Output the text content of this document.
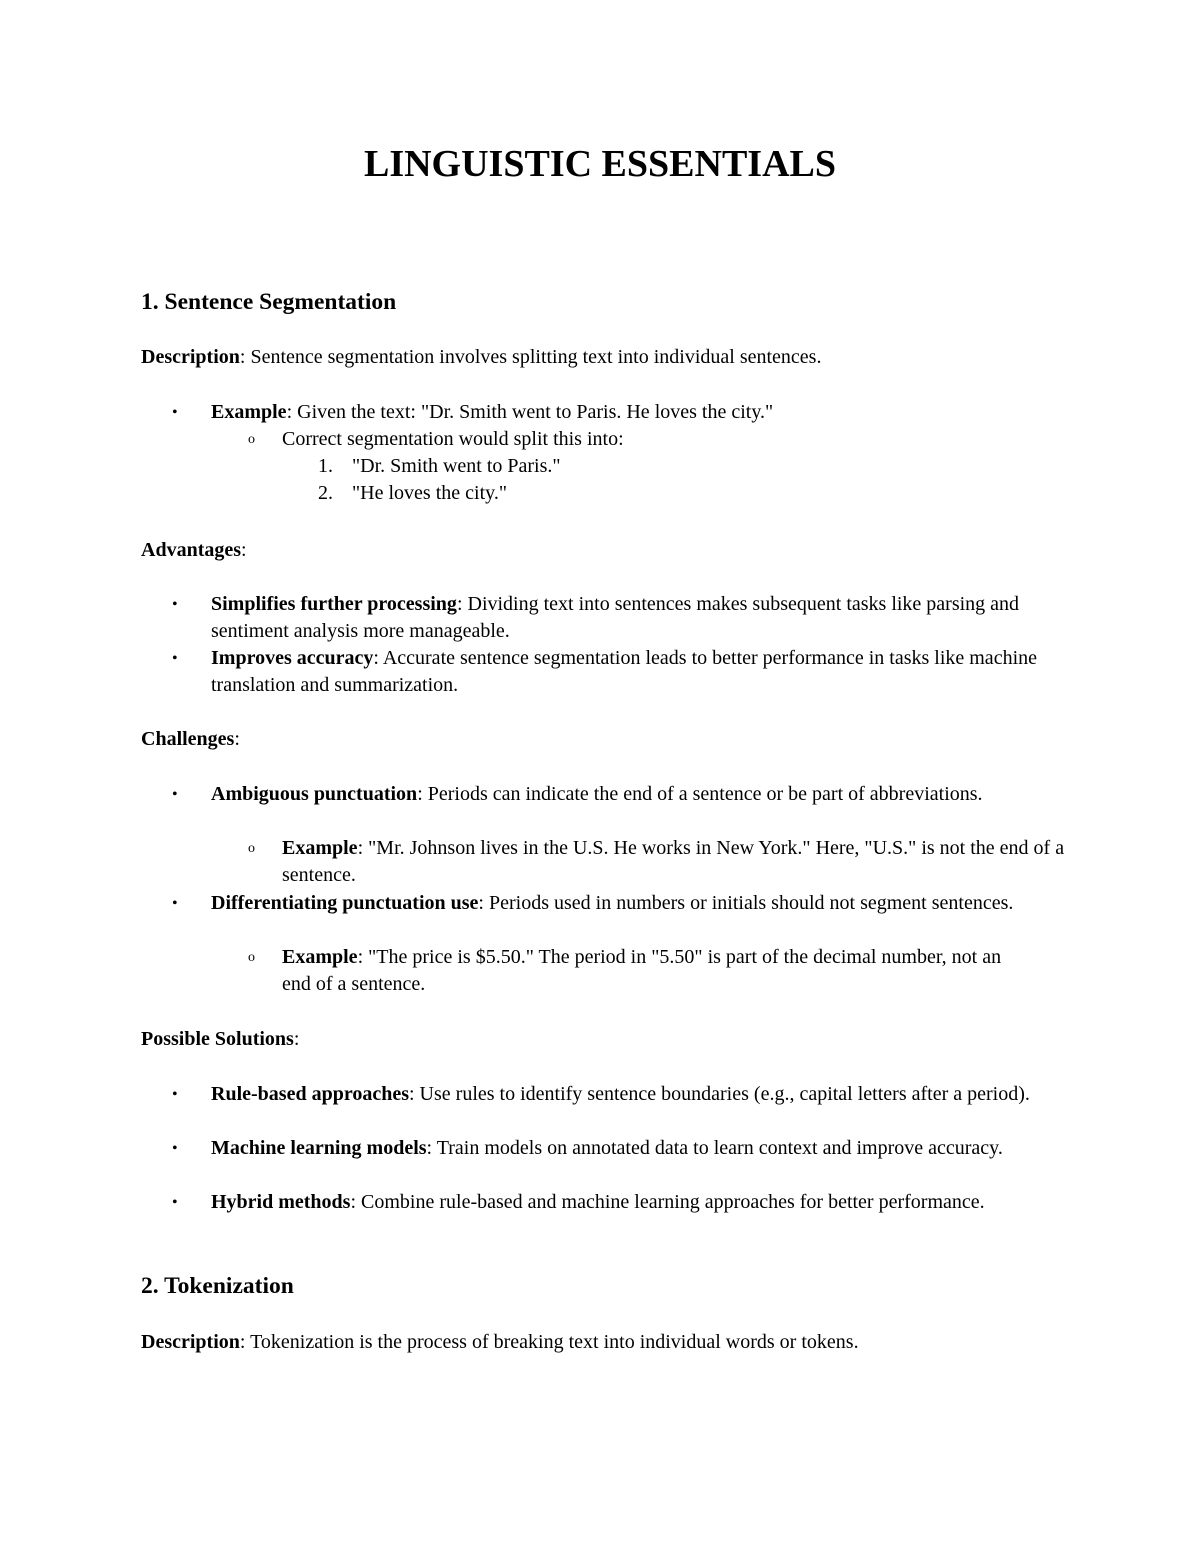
LINGUISTIC ESSENTIALS
1. Sentence Segmentation

Description: Sentence segmentation involves splitting text into individual sentences.

• Example: Given the text: "Dr. Smith went to Paris. He loves the city."

o Correct segmentation would split this into:

1. "Dr. Smith went to Paris."

2. "He loves the city."

Advantages:

• Simplifies further processing: Dividing text into sentences makes subsequent tasks like parsing and sentiment analysis more manageable.

• Improves accuracy: Accurate sentence segmentation leads to better performance in tasks like machine translation and summarization.

Challenges:

• Ambiguous punctuation: Periods can indicate the end of a sentence or be part of abbreviations.

o Example: "Mr. Johnson lives in the U.S. He works in New York." Here, "U.S." is not the end of a sentence.

• Differentiating punctuation use: Periods used in numbers or initials should not segment sentences.

o Example: "The price is $5.50." The period in "5.50" is part of the decimal number, not an end of a sentence.

Possible Solutions:

• Rule-based approaches: Use rules to identify sentence boundaries (e.g., capital letters after a period).

• Machine learning models: Train models on annotated data to learn context and improve accuracy.

• Hybrid methods: Combine rule-based and machine learning approaches for better performance.

2. Tokenization

Description: Tokenization is the process of breaking text into individual words or tokens.
